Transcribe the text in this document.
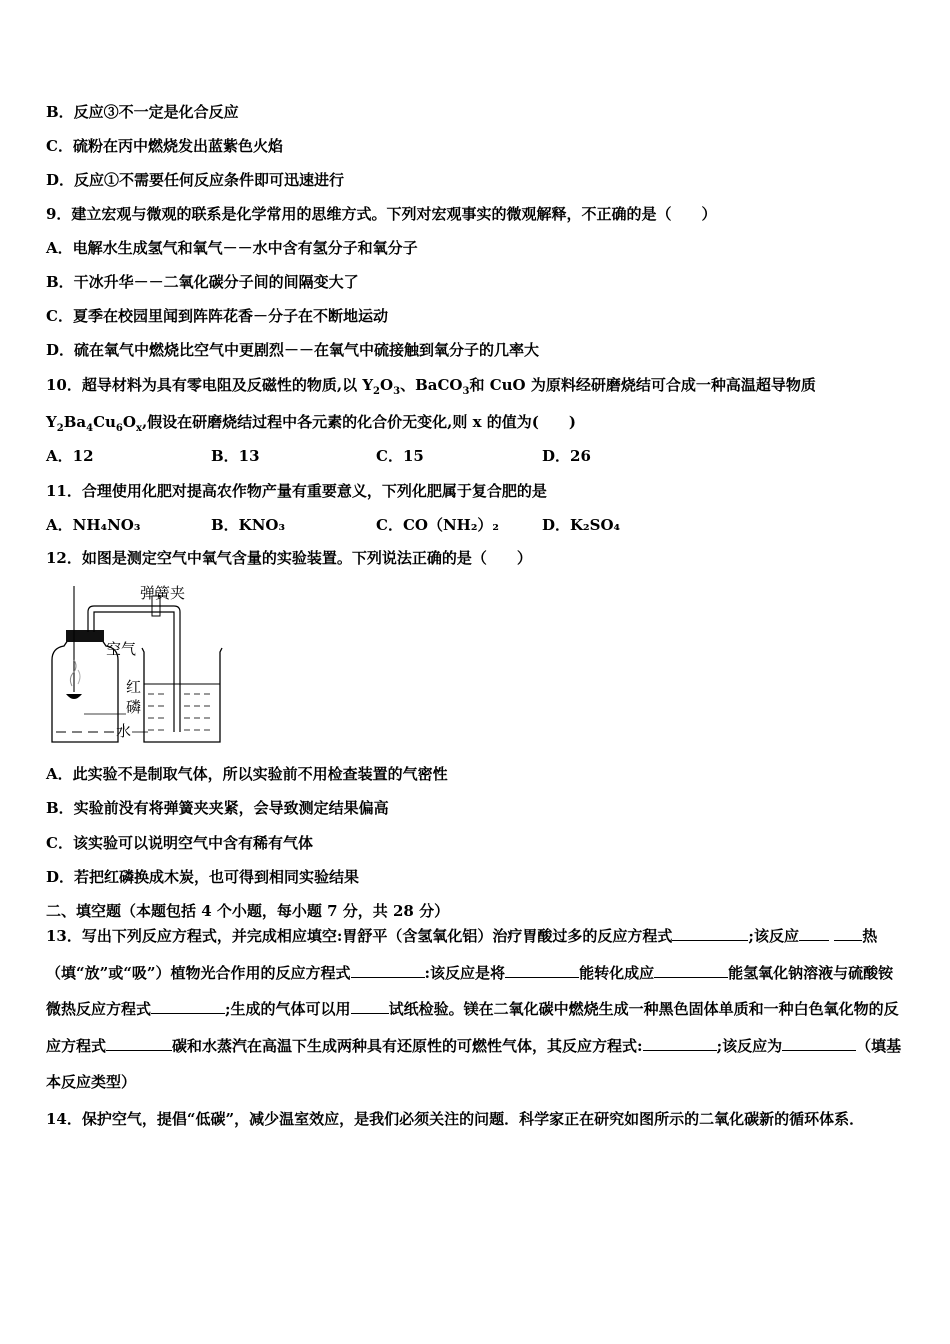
B．反应③不一定是化合反应
C．硫粉在丙中燃烧发出蓝紫色火焰
D．反应①不需要任何反应条件即可迅速进行
9．建立宏观与微观的联系是化学常用的思维方式。下列对宏观事实的微观解释，不正确的是（　　）
A．电解水生成氢气和氧气－－水中含有氢分子和氧分子
B．干冰升华－－二氧化碳分子间的间隔变大了
C．夏季在校园里闻到阵阵花香－分子在不断地运动
D．硫在氧气中燃烧比空气中更剧烈－－在氧气中硫接触到氧分子的几率大
10．超导材料为具有零电阻及反磁性的物质,以 $Y_2O_3$、BaCO$_3$和 CuO 为原料经研磨烧结可合成一种高温超导物质
$Y_2Ba_4Cu_6O_x$,假设在研磨烧结过程中各元素的化合价无变化,则 x 的值为(　　)
A．12	B．13	C．15	D．26
11．合理使用化肥对提高农作物产量有重要意义，下列化肥属于复合肥的是
A．NH₄NO₃	B．KNO₃	C．CO（NH₂）₂	D．K₂SO₄
12．如图是测定空气中氧气含量的实验装置。下列说法正确的是（　　）
弹簧夹
空气
红
磷
水
A．此实验不是制取气体，所以实验前不用检查装置的气密性
B．实验前没有将弹簧夹夹紧，会导致测定结果偏高
C．该实验可以说明空气中含有稀有气体
D．若把红磷换成木炭，也可得到相同实验结果
二、填空题（本题包括 4 个小题，每小题 7 分，共 28 分）
13．写出下列反应方程式，并完成相应填空:胃舒平（含氢氧化铝）治疗胃酸过多的反应方程式	;该反应	热（填“放”或“吸”）植物光合作用的反应方程式	:该反应是将	能转化成应	能氢氧化钠溶液与硫酸铵微热反应方程式	;生成的气体可以用	试纸检验。镁在二氧化碳中燃烧生成一种黑色固体单质和一种白色氧化物的反应方程式	碳和水蒸汽在高温下生成两种具有还原性的可燃性气体，其反应方程式:	;该反应为	（填基本反应类型）
14．保护空气，提倡“低碳”，减少温室效应，是我们必须关注的问题．科学家正在研究如图所示的二氧化碳新的循环体系．
